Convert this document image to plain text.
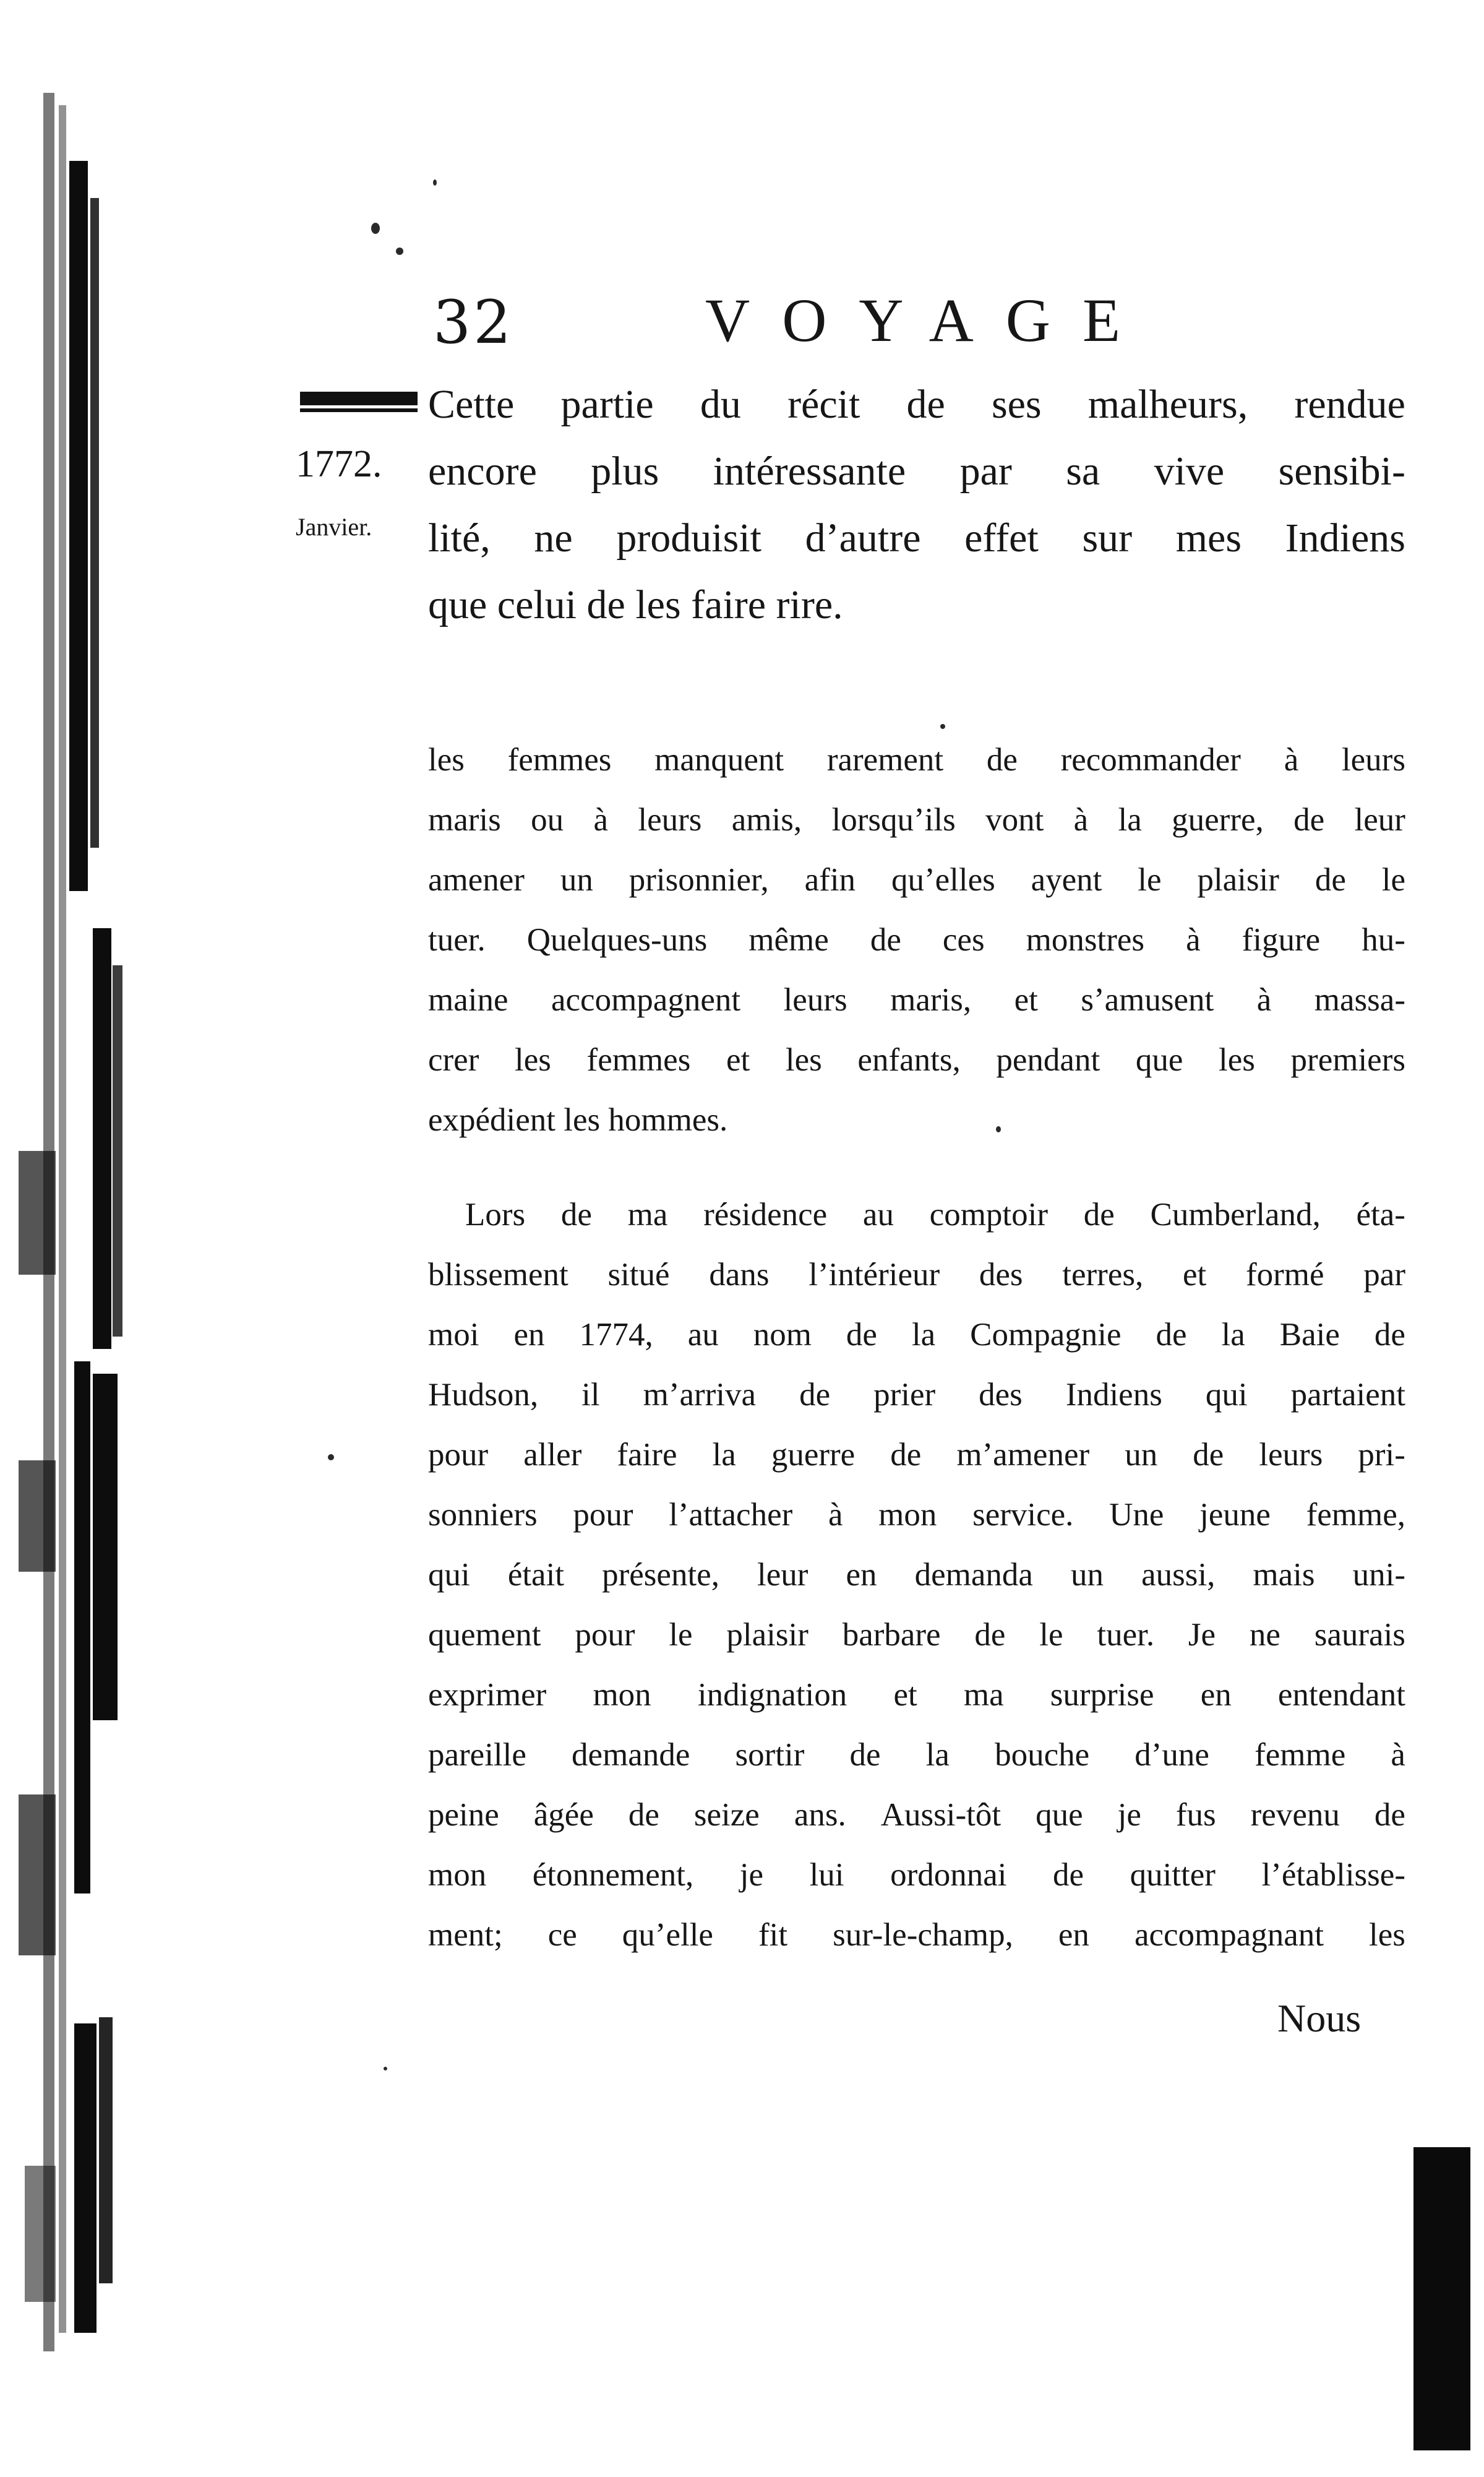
32	VOYAGE
1772.
Janvier.
Cette partie du récit de ses malheurs, rendue
encore plus intéressante par sa vive sensibi-
lité, ne produisit d’autre effet sur mes Indiens
que celui de les faire rire.
les femmes manquent rarement de recommander à leurs
maris ou à leurs amis, lorsqu’ils vont à la guerre, de leur
amener un prisonnier, afin qu’elles ayent le plaisir de le
tuer. Quelques-uns même de ces monstres à figure hu-
maine accompagnent leurs maris, et s’amusent à massa-
crer les femmes et les enfants, pendant que les premiers
expédient les hommes.
Lors de ma résidence au comptoir de Cumberland, éta-
blissement situé dans l’intérieur des terres, et formé par
moi en 1774, au nom de la Compagnie de la Baie de
Hudson, il m’arriva de prier des Indiens qui partaient
pour aller faire la guerre de m’amener un de leurs pri-
sonniers pour l’attacher à mon service. Une jeune femme,
qui était présente, leur en demanda un aussi, mais uni-
quement pour le plaisir barbare de le tuer. Je ne saurais
exprimer mon indignation et ma surprise en entendant
pareille demande sortir de la bouche d’une femme à
peine âgée de seize ans. Aussi-tôt que je fus revenu de
mon étonnement, je lui ordonnai de quitter l’établisse-
ment; ce qu’elle fit sur-le-champ, en accompagnant les
Nous
